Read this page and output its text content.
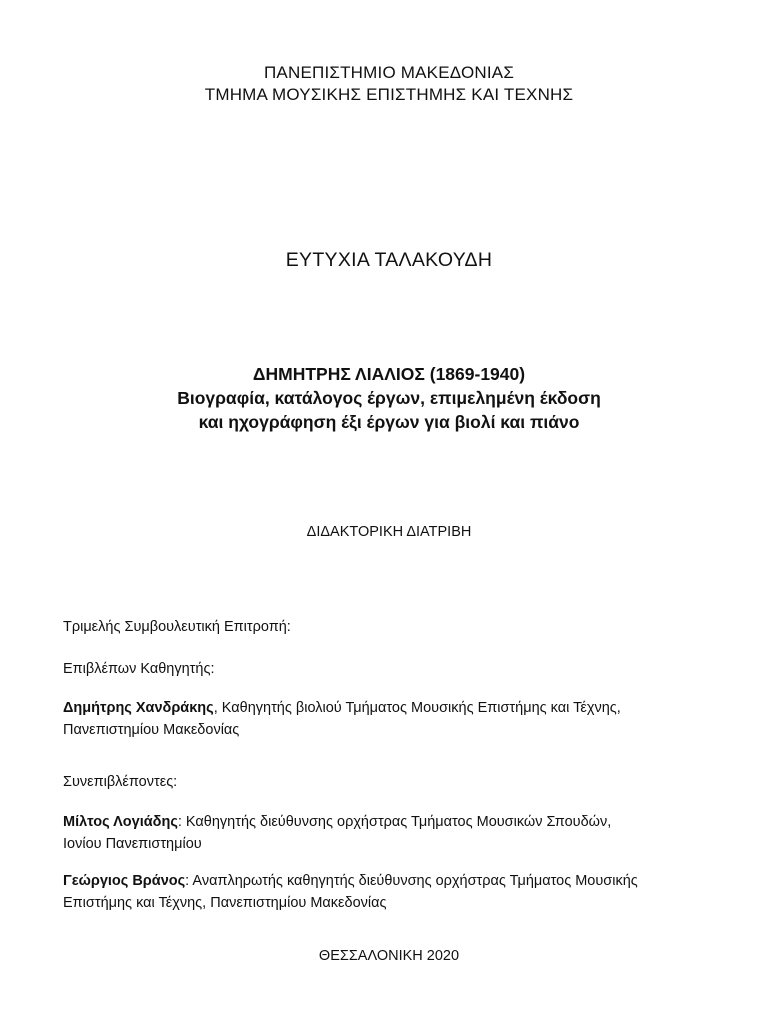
ΠΑΝΕΠΙΣΤΗΜΙΟ ΜΑΚΕΔΟΝΙΑΣ
ΤΜΗΜΑ ΜΟΥΣΙΚΗΣ ΕΠΙΣΤΗΜΗΣ ΚΑΙ ΤΕΧΝΗΣ
ΕΥΤΥΧΙΑ ΤΑΛΑΚΟΥΔΗ
ΔΗΜΗΤΡΗΣ ΛΙΑΛΙΟΣ (1869-1940)
Βιογραφία, κατάλογος έργων, επιμελημένη έκδοση
και ηχογράφηση έξι έργων για βιολί και πιάνο
ΔΙΔΑΚΤΟΡΙΚΗ ΔΙΑΤΡΙΒΗ
Τριμελής Συμβουλευτική Επιτροπή:
Επιβλέπων Καθηγητής:
Δημήτρης Χανδράκης, Καθηγητής βιολιού Τμήματος Μουσικής Επιστήμης και Τέχνης,
Πανεπιστημίου Μακεδονίας
Συνεπιβλέποντες:
Μίλτος Λογιάδης: Καθηγητής διεύθυνσης ορχήστρας Τμήματος Μουσικών Σπουδών,
Ιονίου Πανεπιστημίου
Γεώργιος Βράνος: Αναπληρωτής καθηγητής διεύθυνσης ορχήστρας Τμήματος Μουσικής
Επιστήμης και Τέχνης, Πανεπιστημίου Μακεδονίας
ΘΕΣΣΑΛΟΝΙΚΗ 2020
